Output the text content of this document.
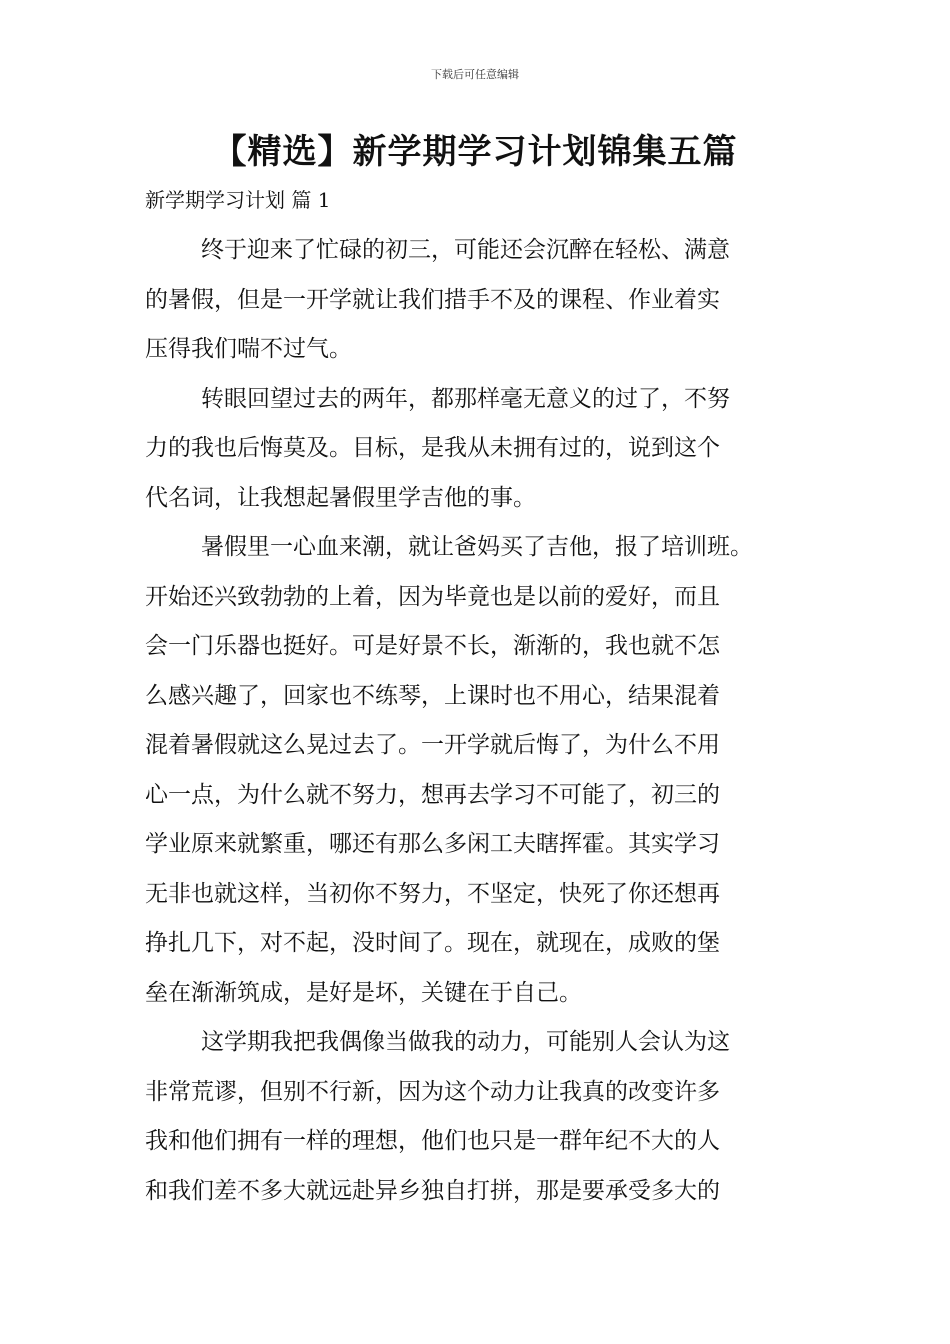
下载后可任意编辑
【精选】新学期学习计划锦集五篇
新学期学习计划 篇 1

终于迎来了忙碌的初三，可能还会沉醉在轻松、满意
的暑假，但是一开学就让我们措手不及的课程、作业着实
压得我们喘不过气。

转眼回望过去的两年，都那样毫无意义的过了，不努
力的我也后悔莫及。目标，是我从未拥有过的，说到这个
代名词，让我想起暑假里学吉他的事。

暑假里一心血来潮，就让爸妈买了吉他，报了培训班。
开始还兴致勃勃的上着，因为毕竟也是以前的爱好，而且
会一门乐器也挺好。可是好景不长，渐渐的，我也就不怎
么感兴趣了，回家也不练琴，上课时也不用心，结果混着
混着暑假就这么晃过去了。一开学就后悔了，为什么不用
心一点，为什么就不努力，想再去学习不可能了，初三的
学业原来就繁重，哪还有那么多闲工夫瞎挥霍。其实学习
无非也就这样，当初你不努力，不坚定，快死了你还想再
挣扎几下，对不起，没时间了。现在，就现在，成败的堡
垒在渐渐筑成，是好是坏，关键在于自己。

这学期我把我偶像当做我的动力，可能别人会认为这
非常荒谬，但别不行新，因为这个动力让我真的改变许多
我和他们拥有一样的理想，他们也只是一群年纪不大的人
和我们差不多大就远赴异乡独自打拼，那是要承受多大的
